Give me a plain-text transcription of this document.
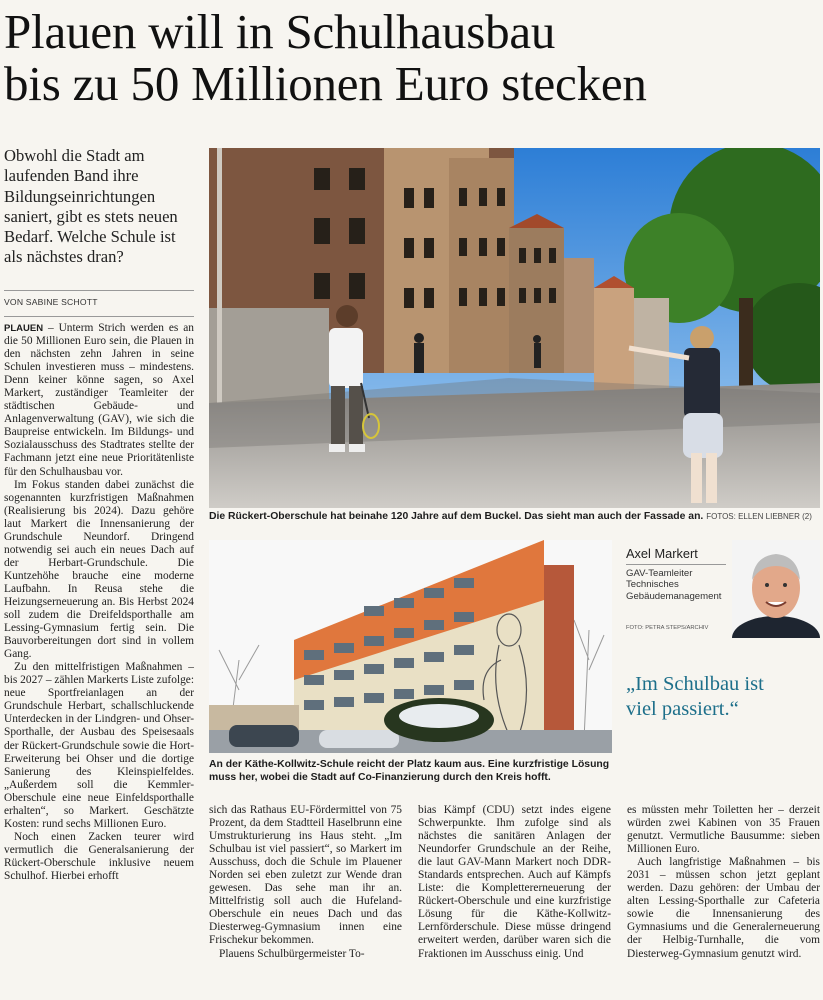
Plauen will in Schulhausbau
bis zu 50 Millionen Euro stecken
Obwohl die Stadt am laufenden Band ihre Bildungseinrichtungen saniert, gibt es stets neuen Bedarf. Welche Schule ist als nächstes dran?
VON SABINE SCHOTT

PLAUEN – Unterm Strich werden es an die 50 Millionen Euro sein, die Plauen in den nächsten zehn Jahren in seine Schulen investieren muss – mindestens. Denn keiner könne sagen, so Axel Markert, zuständiger Teamleiter der städtischen Gebäude- und Anlagenverwaltung (GAV), wie sich die Baupreise entwickeln. Im Bildungs- und Sozialausschuss des Stadtrates stellte der Fachmann jetzt eine neue Prioritätenliste für den Schulhausbau vor.

Im Fokus standen dabei zunächst die sogenannten kurzfristigen Maßnahmen (Realisierung bis 2024). Dazu gehöre laut Markert die Innensanierung der Grundschule Neundorf. Dringend notwendig sei auch ein neues Dach auf der Herbart-Grundschule. Die Kuntzehöhe brauche eine moderne Laufbahn. In Reusa stehe die Heizungserneuerung an. Bis Herbst 2024 soll zudem die Dreifeldsporthalle am Lessing-Gymnasium fertig sein. Die Bauvorbereitungen dort sind in vollem Gang.

Zu den mittelfristigen Maßnahmen – bis 2027 – zählen Markerts Liste zufolge: neue Sportfreianlagen an der Grundschule Herbart, schallschluckende Unterdecken in der Lindgren- und Ohser-Sporthalle, der Ausbau des Speisesaals der Rückert-Grundschule sowie die Hort-Erweiterung bei Ohser und die dortige Sanierung des Kleinspielfeldes. „Außerdem soll die Kemmler-Oberschule eine neue Einfeldsporthalle erhalten“, so Markert. Geschätzte Kosten: rund sechs Millionen Euro.

Noch einen Zacken teurer wird vermutlich die Generalsanierung der Rückert-Oberschule inklusive neuem Schulhof. Hierbei erhofft

Die Rückert-Oberschule hat beinahe 120 Jahre auf dem Buckel. Das sieht man auch der Fassade an. FOTOS: ELLEN LIEBNER (2)
An der Käthe-Kollwitz-Schule reicht der Platz kaum aus. Eine kurzfristige Lösung muss her, wobei die Stadt auf Co-Finanzierung durch den Kreis hofft.
Axel Markert
GAV-Teamleiter
Technisches
Gebäudemanagement
FOTO: PETRA STEPS/ARCHIV
„Im Schulbau ist
viel passiert.“

sich das Rathaus EU-Fördermittel von 75 Prozent, da dem Stadtteil Haselbrunn eine Umstrukturierung ins Haus steht. „Im Schulbau ist viel passiert“, so Markert im Ausschuss, doch die Schule im Plauener Norden sei eben zuletzt zur Wende dran gewesen. Das sehe man ihr an. Mittelfristig soll auch die Hufeland-Oberschule ein neues Dach und das Diesterweg-Gymnasium innen eine Frischekur bekommen.

Plauens Schulbürgermeister To-

bias Kämpf (CDU) setzt indes eigene Schwerpunkte. Ihm zufolge sind als nächstes die sanitären Anlagen der Neundorfer Grundschule an der Reihe, die laut GAV-Mann Markert noch DDR-Standards entsprechen. Auch auf Kämpfs Liste: die Komplettererneuerung der Rückert-Oberschule und eine kurzfristige Lösung für die Käthe-Kollwitz-Lernförderschule. Diese müsse dringend erweitert werden, darüber waren sich die Fraktionen im Ausschuss einig. Und

es müssten mehr Toiletten her – derzeit würden zwei Kabinen von 35 Frauen genutzt. Vermutliche Bausumme: sieben Millionen Euro.

Auch langfristige Maßnahmen – bis 2031 – müssen schon jetzt geplant werden. Dazu gehören: der Umbau der alten Lessing-Sporthalle zur Cafeteria sowie die Innensanierung des Gymnasiums und die Generalerneuerung der Helbig-Turnhalle, die vom Diesterweg-Gymnasium genutzt wird.
